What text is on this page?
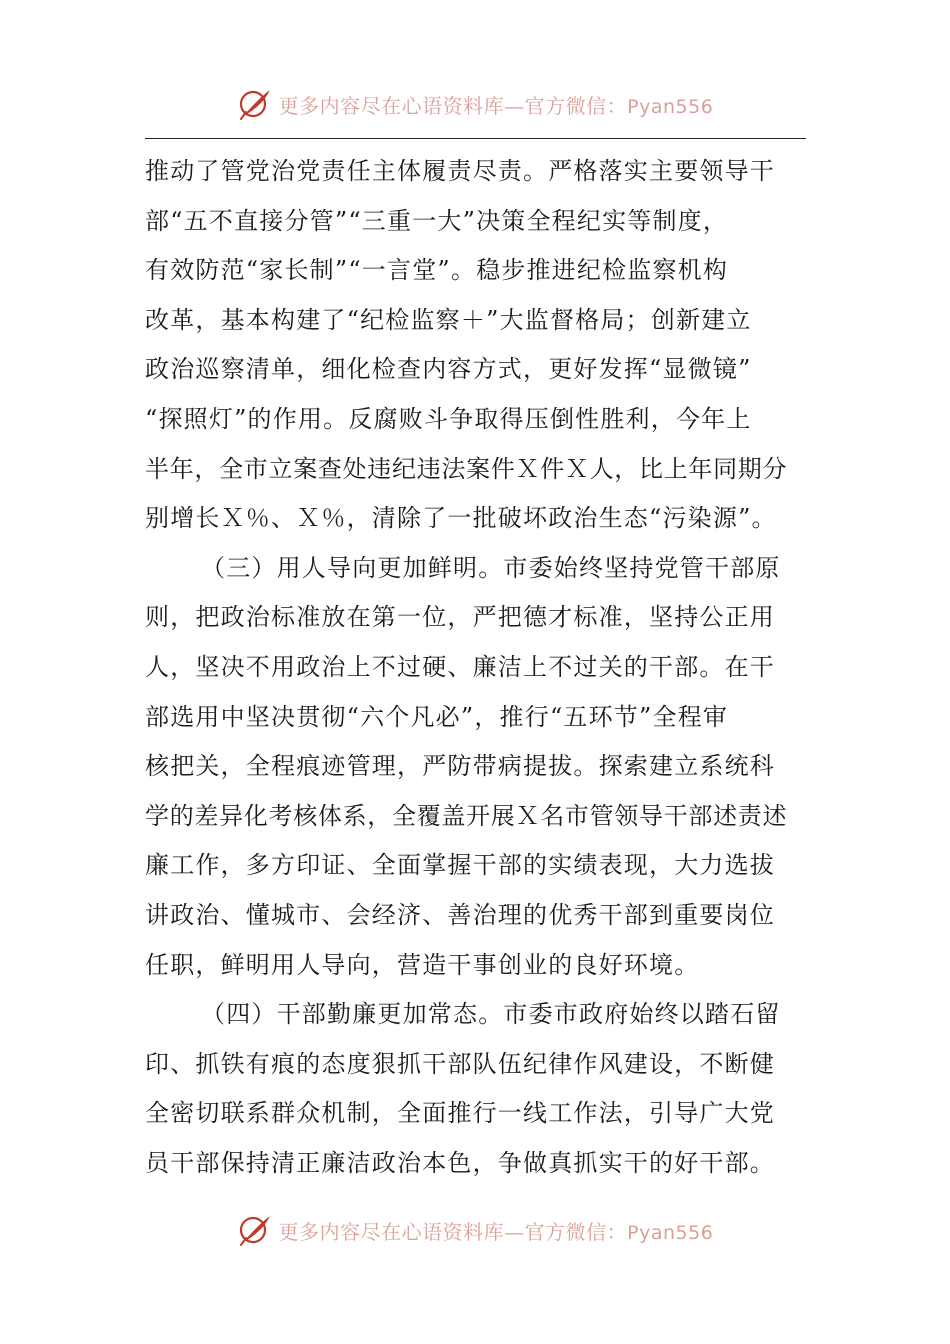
更多内容尽在心语资料库—官方微信：Pyan556
推动了管党治党责任主体履责尽责。严格落实主要领导干
部“五不直接分管”“三重一大”决策全程纪实等制度，
有效防范“家长制”“一言堂”。稳步推进纪检监察机构
改革，基本构建了“纪检监察＋”大监督格局；创新建立
政治巡察清单，细化检查内容方式，更好发挥“显微镜”
“探照灯”的作用。反腐败斗争取得压倒性胜利，今年上
半年，全市立案查处违纪违法案件Ｘ件Ｘ人，比上年同期分
别增长Ｘ％、Ｘ％，清除了一批破坏政治生态“污染源”。
（三）用人导向更加鲜明。市委始终坚持党管干部原
则，把政治标准放在第一位，严把德才标准，坚持公正用
人，坚决不用政治上不过硬、廉洁上不过关的干部。在干
部选用中坚决贯彻“六个凡必”，推行“五环节”全程审
核把关，全程痕迹管理，严防带病提拔。探索建立系统科
学的差异化考核体系，全覆盖开展Ｘ名市管领导干部述责述
廉工作，多方印证、全面掌握干部的实绩表现，大力选拔
讲政治、懂城市、会经济、善治理的优秀干部到重要岗位
任职，鲜明用人导向，营造干事创业的良好环境。
（四）干部勤廉更加常态。市委市政府始终以踏石留
印、抓铁有痕的态度狠抓干部队伍纪律作风建设，不断健
全密切联系群众机制，全面推行一线工作法，引导广大党
员干部保持清正廉洁政治本色，争做真抓实干的好干部。
更多内容尽在心语资料库—官方微信：Pyan556
